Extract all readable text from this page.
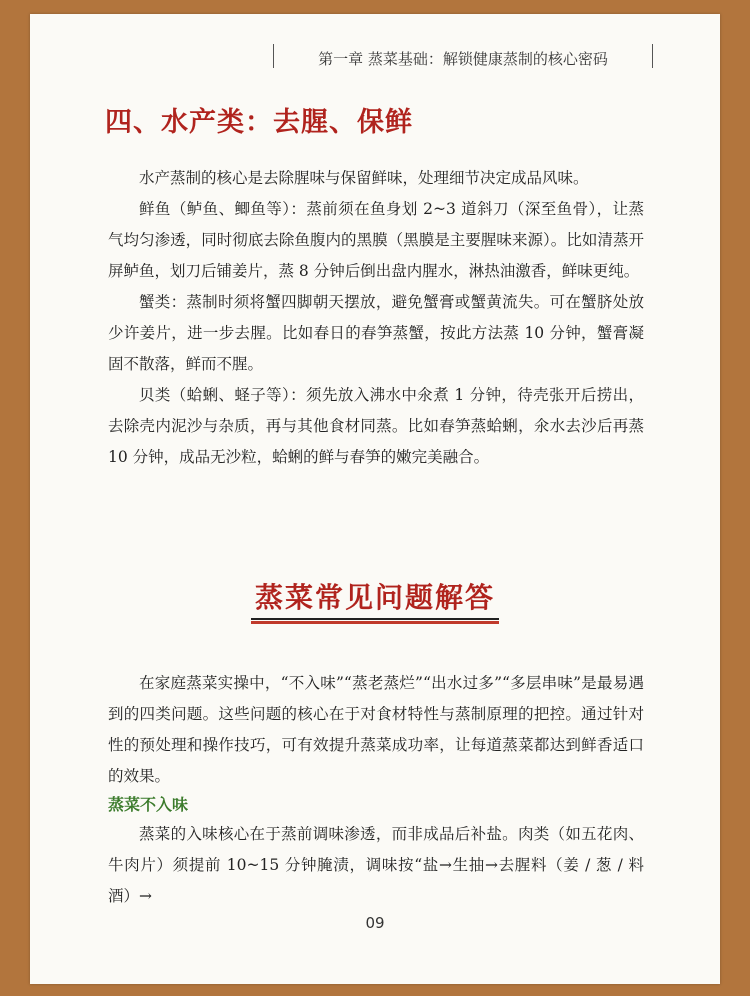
第一章 蒸菜基础：解锁健康蒸制的核心密码
四、水产类：去腥、保鲜

水产蒸制的核心是去除腥味与保留鲜味，处理细节决定成品风味。

鲜鱼（鲈鱼、鲫鱼等）：蒸前须在鱼身划 2~3 道斜刀（深至鱼骨），让蒸气均匀渗透，同时彻底去除鱼腹内的黑膜（黑膜是主要腥味来源）。比如清蒸开屏鲈鱼，划刀后铺姜片，蒸 8 分钟后倒出盘内腥水，淋热油激香，鲜味更纯。

蟹类：蒸制时须将蟹四脚朝天摆放，避免蟹膏或蟹黄流失。可在蟹脐处放少许姜片，进一步去腥。比如春日的春笋蒸蟹，按此方法蒸 10 分钟，蟹膏凝固不散落，鲜而不腥。

贝类（蛤蜊、蛏子等）：须先放入沸水中氽煮 1 分钟，待壳张开后捞出，去除壳内泥沙与杂质，再与其他食材同蒸。比如春笋蒸蛤蜊，氽水去沙后再蒸 10 分钟，成品无沙粒，蛤蜊的鲜与春笋的嫩完美融合。

蒸菜常见问题解答

在家庭蒸菜实操中，“不入味”“蒸老蒸烂”“出水过多”“多层串味”是最易遇到的四类问题。这些问题的核心在于对食材特性与蒸制原理的把控。通过针对性的预处理和操作技巧，可有效提升蒸菜成功率，让每道蒸菜都达到鲜香适口的效果。

蒸菜不入味

蒸菜的入味核心在于蒸前调味渗透，而非成品后补盐。肉类（如五花肉、牛肉片）须提前 10~15 分钟腌渍，调味按“盐→生抽→去腥料（姜 / 葱 / 料酒）→

09
